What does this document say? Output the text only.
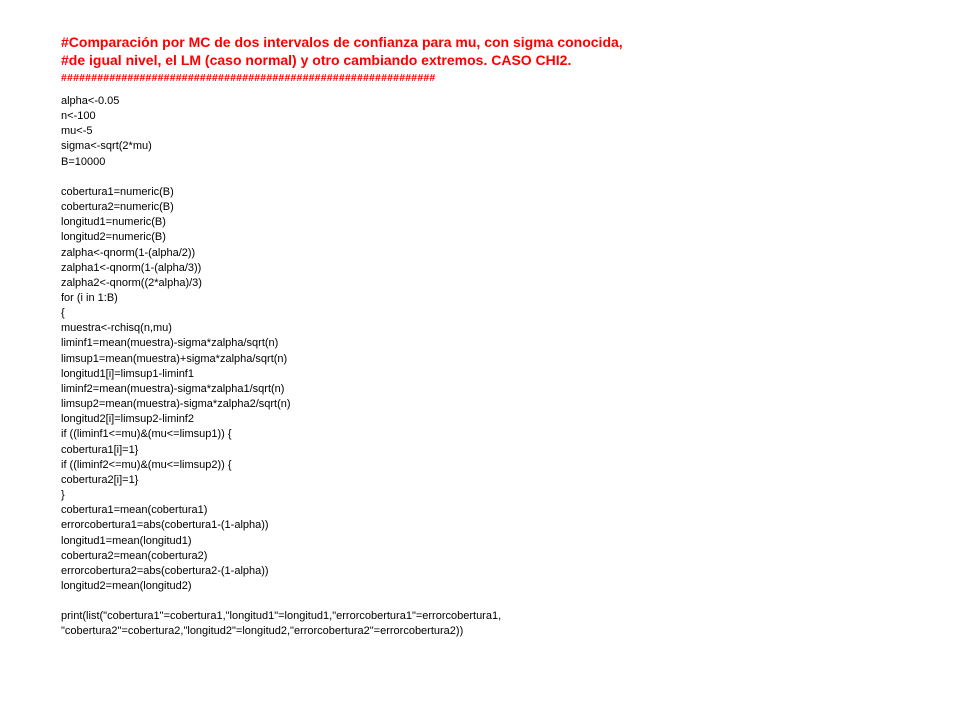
#Comparación por MC de dos intervalos de confianza para mu, con sigma conocida,
#de igual nivel, el LM (caso normal) y otro cambiando extremos. CASO CHI2.
##############################################################
alpha<-0.05
n<-100
mu<-5
sigma<-sqrt(2*mu)
B=10000
cobertura1=numeric(B)
cobertura2=numeric(B)
longitud1=numeric(B)
longitud2=numeric(B)
zalpha<-qnorm(1-(alpha/2))
zalpha1<-qnorm(1-(alpha/3))
zalpha2<-qnorm((2*alpha)/3)
for (i in 1:B)
{
muestra<-rchisq(n,mu)
liminf1=mean(muestra)-sigma*zalpha/sqrt(n)
limsup1=mean(muestra)+sigma*zalpha/sqrt(n)
longitud1[i]=limsup1-liminf1
liminf2=mean(muestra)-sigma*zalpha1/sqrt(n)
limsup2=mean(muestra)-sigma*zalpha2/sqrt(n)
longitud2[i]=limsup2-liminf2
if ((liminf1<=mu)&(mu<=limsup1)) {
cobertura1[i]=1}
if ((liminf2<=mu)&(mu<=limsup2)) {
cobertura2[i]=1}
}
cobertura1=mean(cobertura1)
errorcobertura1=abs(cobertura1-(1-alpha))
longitud1=mean(longitud1)
cobertura2=mean(cobertura2)
errorcobertura2=abs(cobertura2-(1-alpha))
longitud2=mean(longitud2)
print(list("cobertura1"=cobertura1,"longitud1"=longitud1,"errorcobertura1"=errorcobertura1,
"cobertura2"=cobertura2,"longitud2"=longitud2,"errorcobertura2"=errorcobertura2))
